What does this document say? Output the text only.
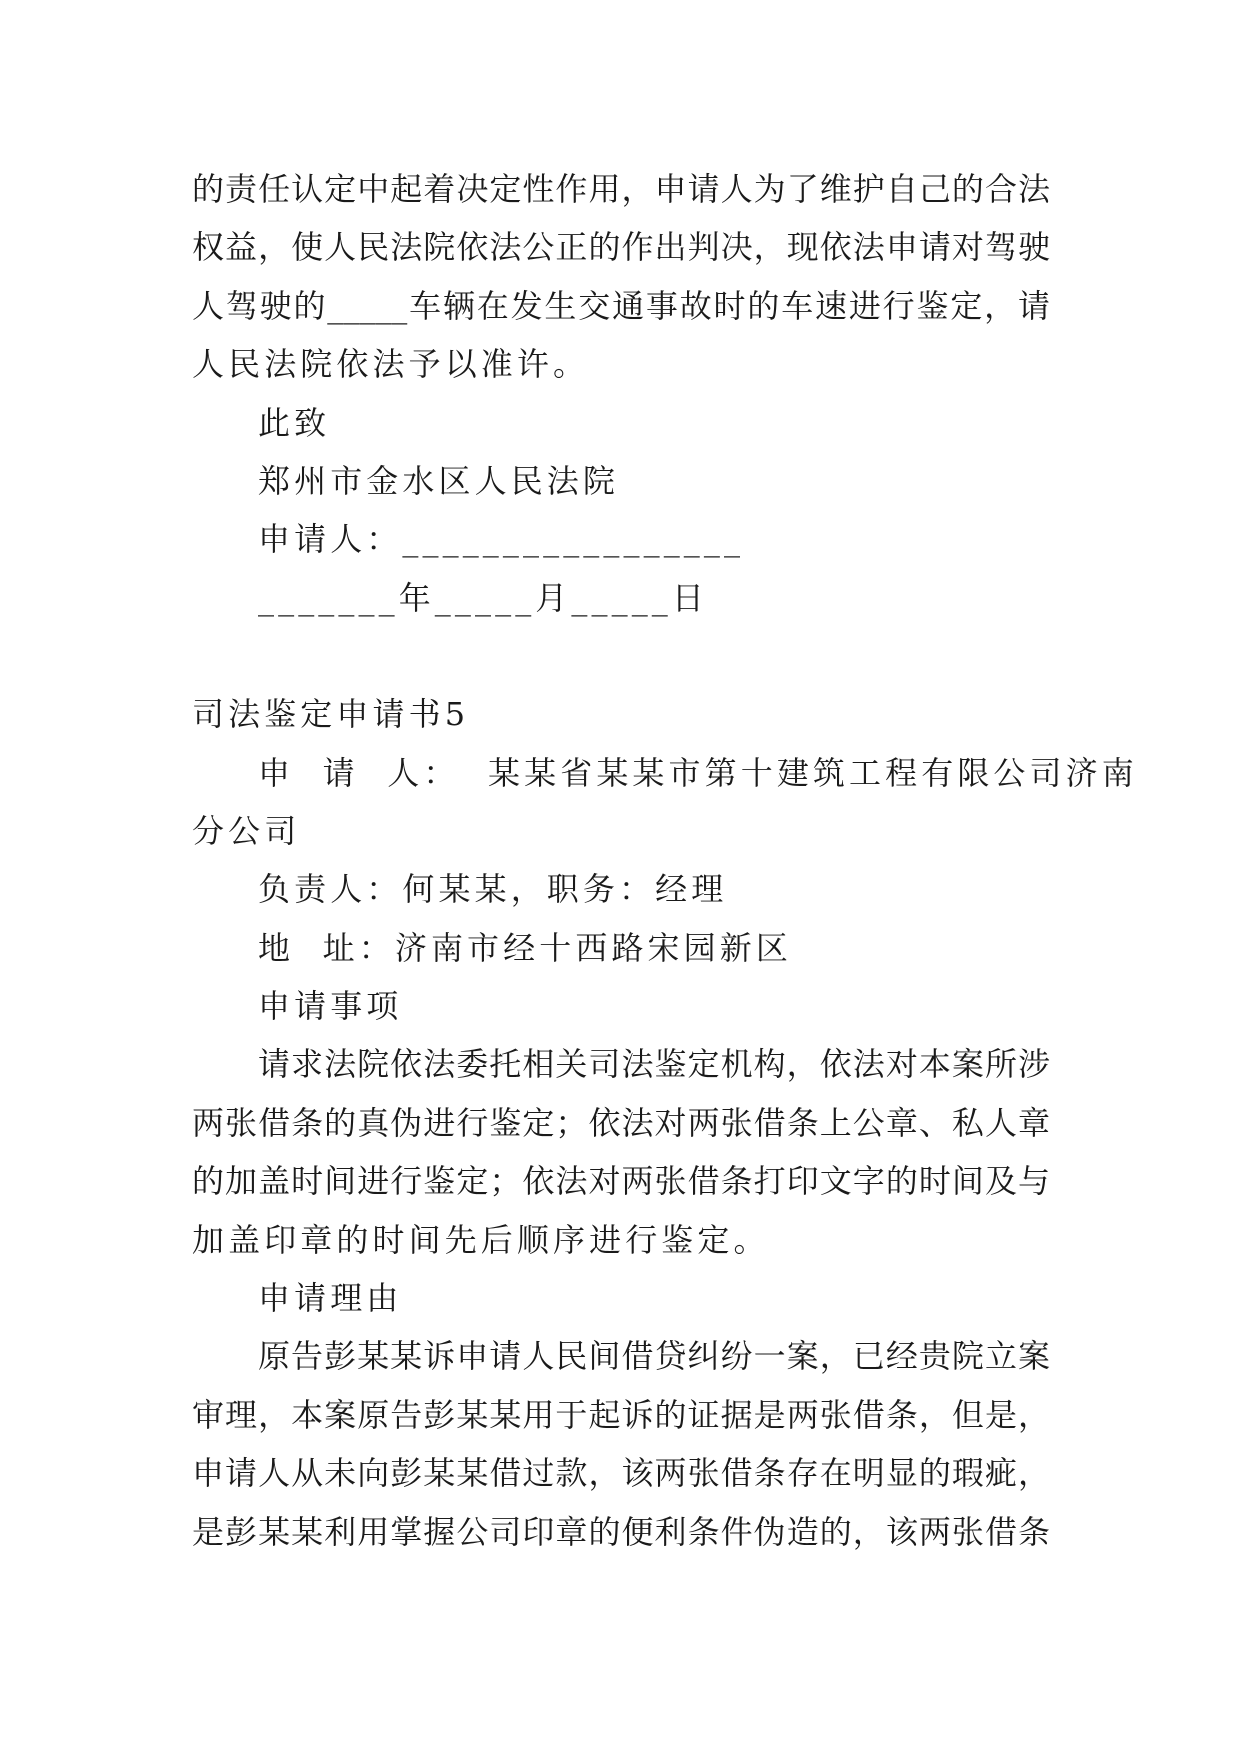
的责任认定中起着决定性作用，申请人为了维护自己的合法
权益，使人民法院依法公正的作出判决，现依法申请对驾驶
人驾驶的_____车辆在发生交通事故时的车速进行鉴定，请
人民法院依法予以准许。
此致
郑州市金水区人民法院
申请人：_________________
_______年_____月_____日
司法鉴定申请书5
申  请  人：  某某省某某市第十建筑工程有限公司济南
分公司
负责人：何某某，职务：经理
地  址：济南市经十西路宋园新区
申请事项
请求法院依法委托相关司法鉴定机构，依法对本案所涉
两张借条的真伪进行鉴定；依法对两张借条上公章、私人章
的加盖时间进行鉴定；依法对两张借条打印文字的时间及与
加盖印章的时间先后顺序进行鉴定。
申请理由
原告彭某某诉申请人民间借贷纠纷一案，已经贵院立案
审理，本案原告彭某某用于起诉的证据是两张借条，但是，
申请人从未向彭某某借过款，该两张借条存在明显的瑕疵，
是彭某某利用掌握公司印章的便利条件伪造的，该两张借条
